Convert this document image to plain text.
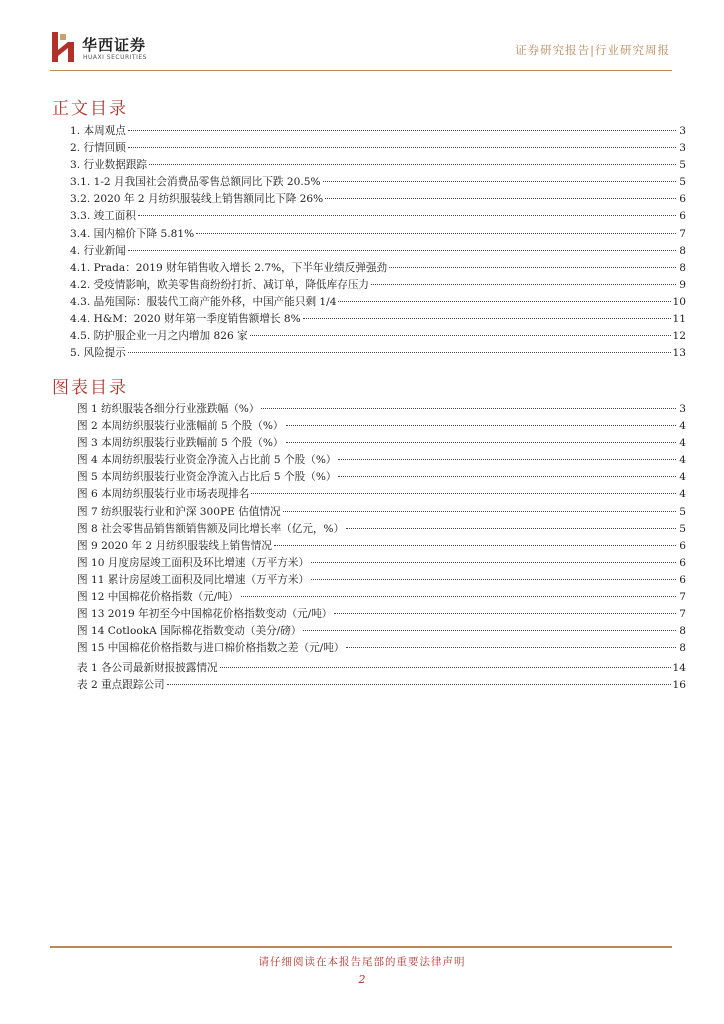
华西证券
HUAXI SECURITIES
证券研究报告|行业研究周报
正文目录
1. 本周观点	3
2. 行情回顾	3
3. 行业数据跟踪	5
3.1. 1-2 月我国社会消费品零售总额同比下跌 20.5%	5
3.2. 2020 年 2 月纺织服装线上销售额同比下降 26%	6
3.3. 竣工面积	6
3.4. 国内棉价下降 5.81%	7
4. 行业新闻	8
4.1. Prada：2019 财年销售收入增长 2.7%，下半年业绩反弹强劲	8
4.2. 受疫情影响，欧美零售商纷纷打折、减订单，降低库存压力	9
4.3. 晶苑国际：服装代工商产能外移，中国产能只剩 1/4	10
4.4. H&M：2020 财年第一季度销售额增长 8%	11
4.5. 防护服企业一月之内增加 826 家	12
5. 风险提示	13
图表目录
图 1 纺织服装各细分行业涨跌幅（%）	3
图 2 本周纺织服装行业涨幅前 5 个股（%）	4
图 3 本周纺织服装行业跌幅前 5 个股（%）	4
图 4 本周纺织服装行业资金净流入占比前 5 个股（%）	4
图 5 本周纺织服装行业资金净流入占比后 5 个股（%）	4
图 6 本周纺织服装行业市场表现排名	4
图 7 纺织服装行业和沪深 300PE 估值情况	5
图 8 社会零售品销售额销售额及同比增长率（亿元，%）	5
图 9 2020 年 2 月纺织服装线上销售情况	6
图 10 月度房屋竣工面积及环比增速（万平方米）	6
图 11 累计房屋竣工面积及同比增速（万平方米）	6
图 12 中国棉花价格指数（元/吨）	7
图 13 2019 年初至今中国棉花价格指数变动（元/吨）	7
图 14 CotlookA 国际棉花指数变动（美分/磅）	8
图 15 中国棉花价格指数与进口棉价格指数之差（元/吨）	8
表 1 各公司最新财报披露情况	14
表 2 重点跟踪公司	16
请仔细阅读在本报告尾部的重要法律声明
2
